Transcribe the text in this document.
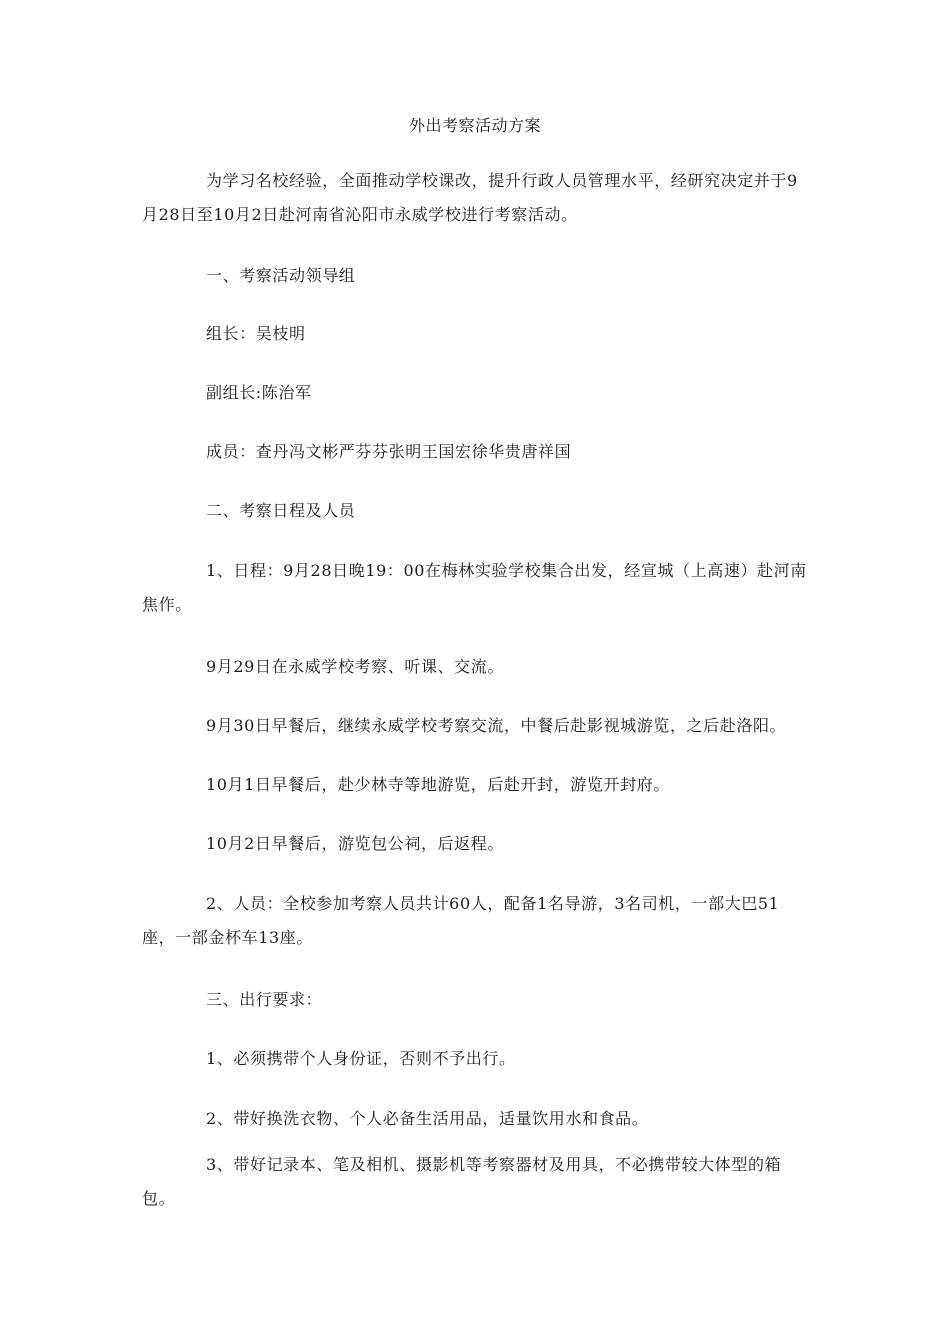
外出考察活动方案

为学习名校经验，全面推动学校课改，提升行政人员管理水平，经研究决定并于9月28日至10月2日赴河南省沁阳市永威学校进行考察活动。

一、考察活动领导组

组长：吴枝明

副组长:陈治军

成员：查丹冯文彬严芬芬张明王国宏徐华贵唐祥国

二、考察日程及人员

1、日程：9月28日晚19：00在梅林实验学校集合出发，经宣城（上高速）赴河南焦作。

9月29日在永威学校考察、听课、交流。

9月30日早餐后，继续永威学校考察交流，中餐后赴影视城游览，之后赴洛阳。

10月1日早餐后，赴少林寺等地游览，后赴开封，游览开封府。

10月2日早餐后，游览包公祠，后返程。

2、人员：全校参加考察人员共计60人，配备1名导游，3名司机，一部大巴51座，一部金杯车13座。

三、出行要求：

1、必须携带个人身份证，否则不予出行。

2、带好换洗衣物、个人必备生活用品，适量饮用水和食品。

3、带好记录本、笔及相机、摄影机等考察器材及用具，不必携带较大体型的箱包。
